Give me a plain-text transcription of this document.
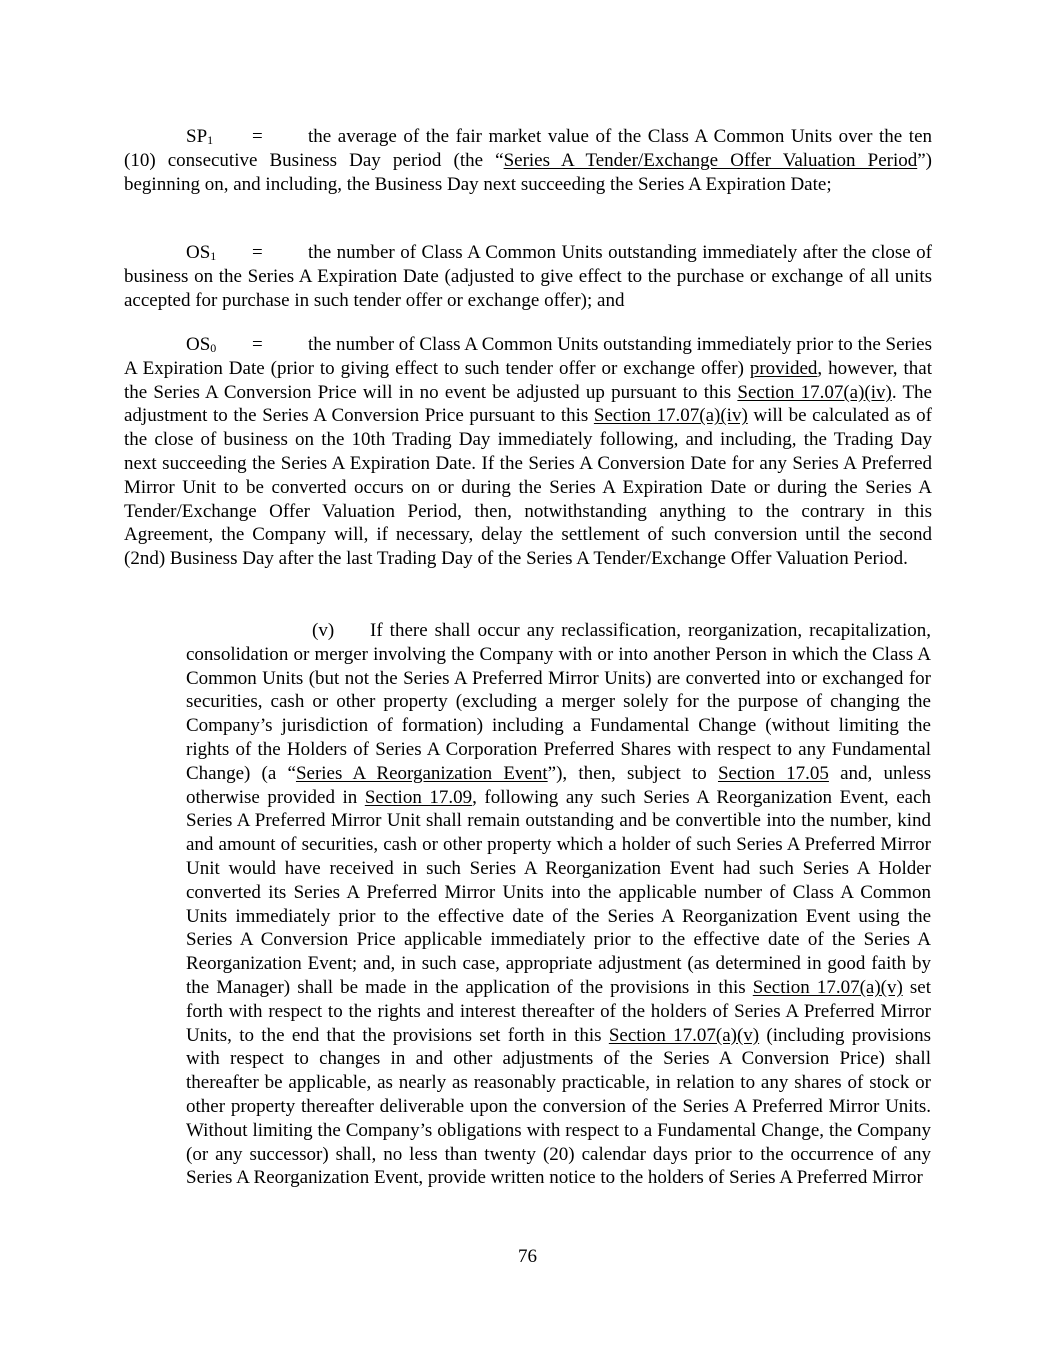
$SP_1$ = the average of the fair market value of the Class A Common Units over the ten (10) consecutive Business Day period (the “Series A Tender/Exchange Offer Valuation Period”) beginning on, and including, the Business Day next succeeding the Series A Expiration Date;

$OS_1$ = the number of Class A Common Units outstanding immediately after the close of business on the Series A Expiration Date (adjusted to give effect to the purchase or exchange of all units accepted for purchase in such tender offer or exchange offer); and

$OS_0$ = the number of Class A Common Units outstanding immediately prior to the Series A Expiration Date (prior to giving effect to such tender offer or exchange offer) provided, however, that the Series A Conversion Price will in no event be adjusted up pursuant to this Section 17.07(a)(iv). The adjustment to the Series A Conversion Price pursuant to this Section 17.07(a)(iv) will be calculated as of the close of business on the 10th Trading Day immediately following, and including, the Trading Day next succeeding the Series A Expiration Date. If the Series A Conversion Date for any Series A Preferred Mirror Unit to be converted occurs on or during the Series A Expiration Date or during the Series A Tender/Exchange Offer Valuation Period, then, notwithstanding anything to the contrary in this Agreement, the Company will, if necessary, delay the settlement of such conversion until the second (2nd) Business Day after the last Trading Day of the Series A Tender/Exchange Offer Valuation Period.

(v) If there shall occur any reclassification, reorganization, recapitalization, consolidation or merger involving the Company with or into another Person in which the Class A Common Units (but not the Series A Preferred Mirror Units) are converted into or exchanged for securities, cash or other property (excluding a merger solely for the purpose of changing the Company’s jurisdiction of formation) including a Fundamental Change (without limiting the rights of the Holders of Series A Corporation Preferred Shares with respect to any Fundamental Change) (a “Series A Reorganization Event”), then, subject to Section 17.05 and, unless otherwise provided in Section 17.09, following any such Series A Reorganization Event, each Series A Preferred Mirror Unit shall remain outstanding and be convertible into the number, kind and amount of securities, cash or other property which a holder of such Series A Preferred Mirror Unit would have received in such Series A Reorganization Event had such Series A Holder converted its Series A Preferred Mirror Units into the applicable number of Class A Common Units immediately prior to the effective date of the Series A Reorganization Event using the Series A Conversion Price applicable immediately prior to the effective date of the Series A Reorganization Event; and, in such case, appropriate adjustment (as determined in good faith by the Manager) shall be made in the application of the provisions in this Section 17.07(a)(v) set forth with respect to the rights and interest thereafter of the holders of Series A Preferred Mirror Units, to the end that the provisions set forth in this Section 17.07(a)(v) (including provisions with respect to changes in and other adjustments of the Series A Conversion Price) shall thereafter be applicable, as nearly as reasonably practicable, in relation to any shares of stock or other property thereafter deliverable upon the conversion of the Series A Preferred Mirror Units. Without limiting the Company’s obligations with respect to a Fundamental Change, the Company (or any successor) shall, no less than twenty (20) calendar days prior to the occurrence of any Series A Reorganization Event, provide written notice to the holders of Series A Preferred Mirror

76
